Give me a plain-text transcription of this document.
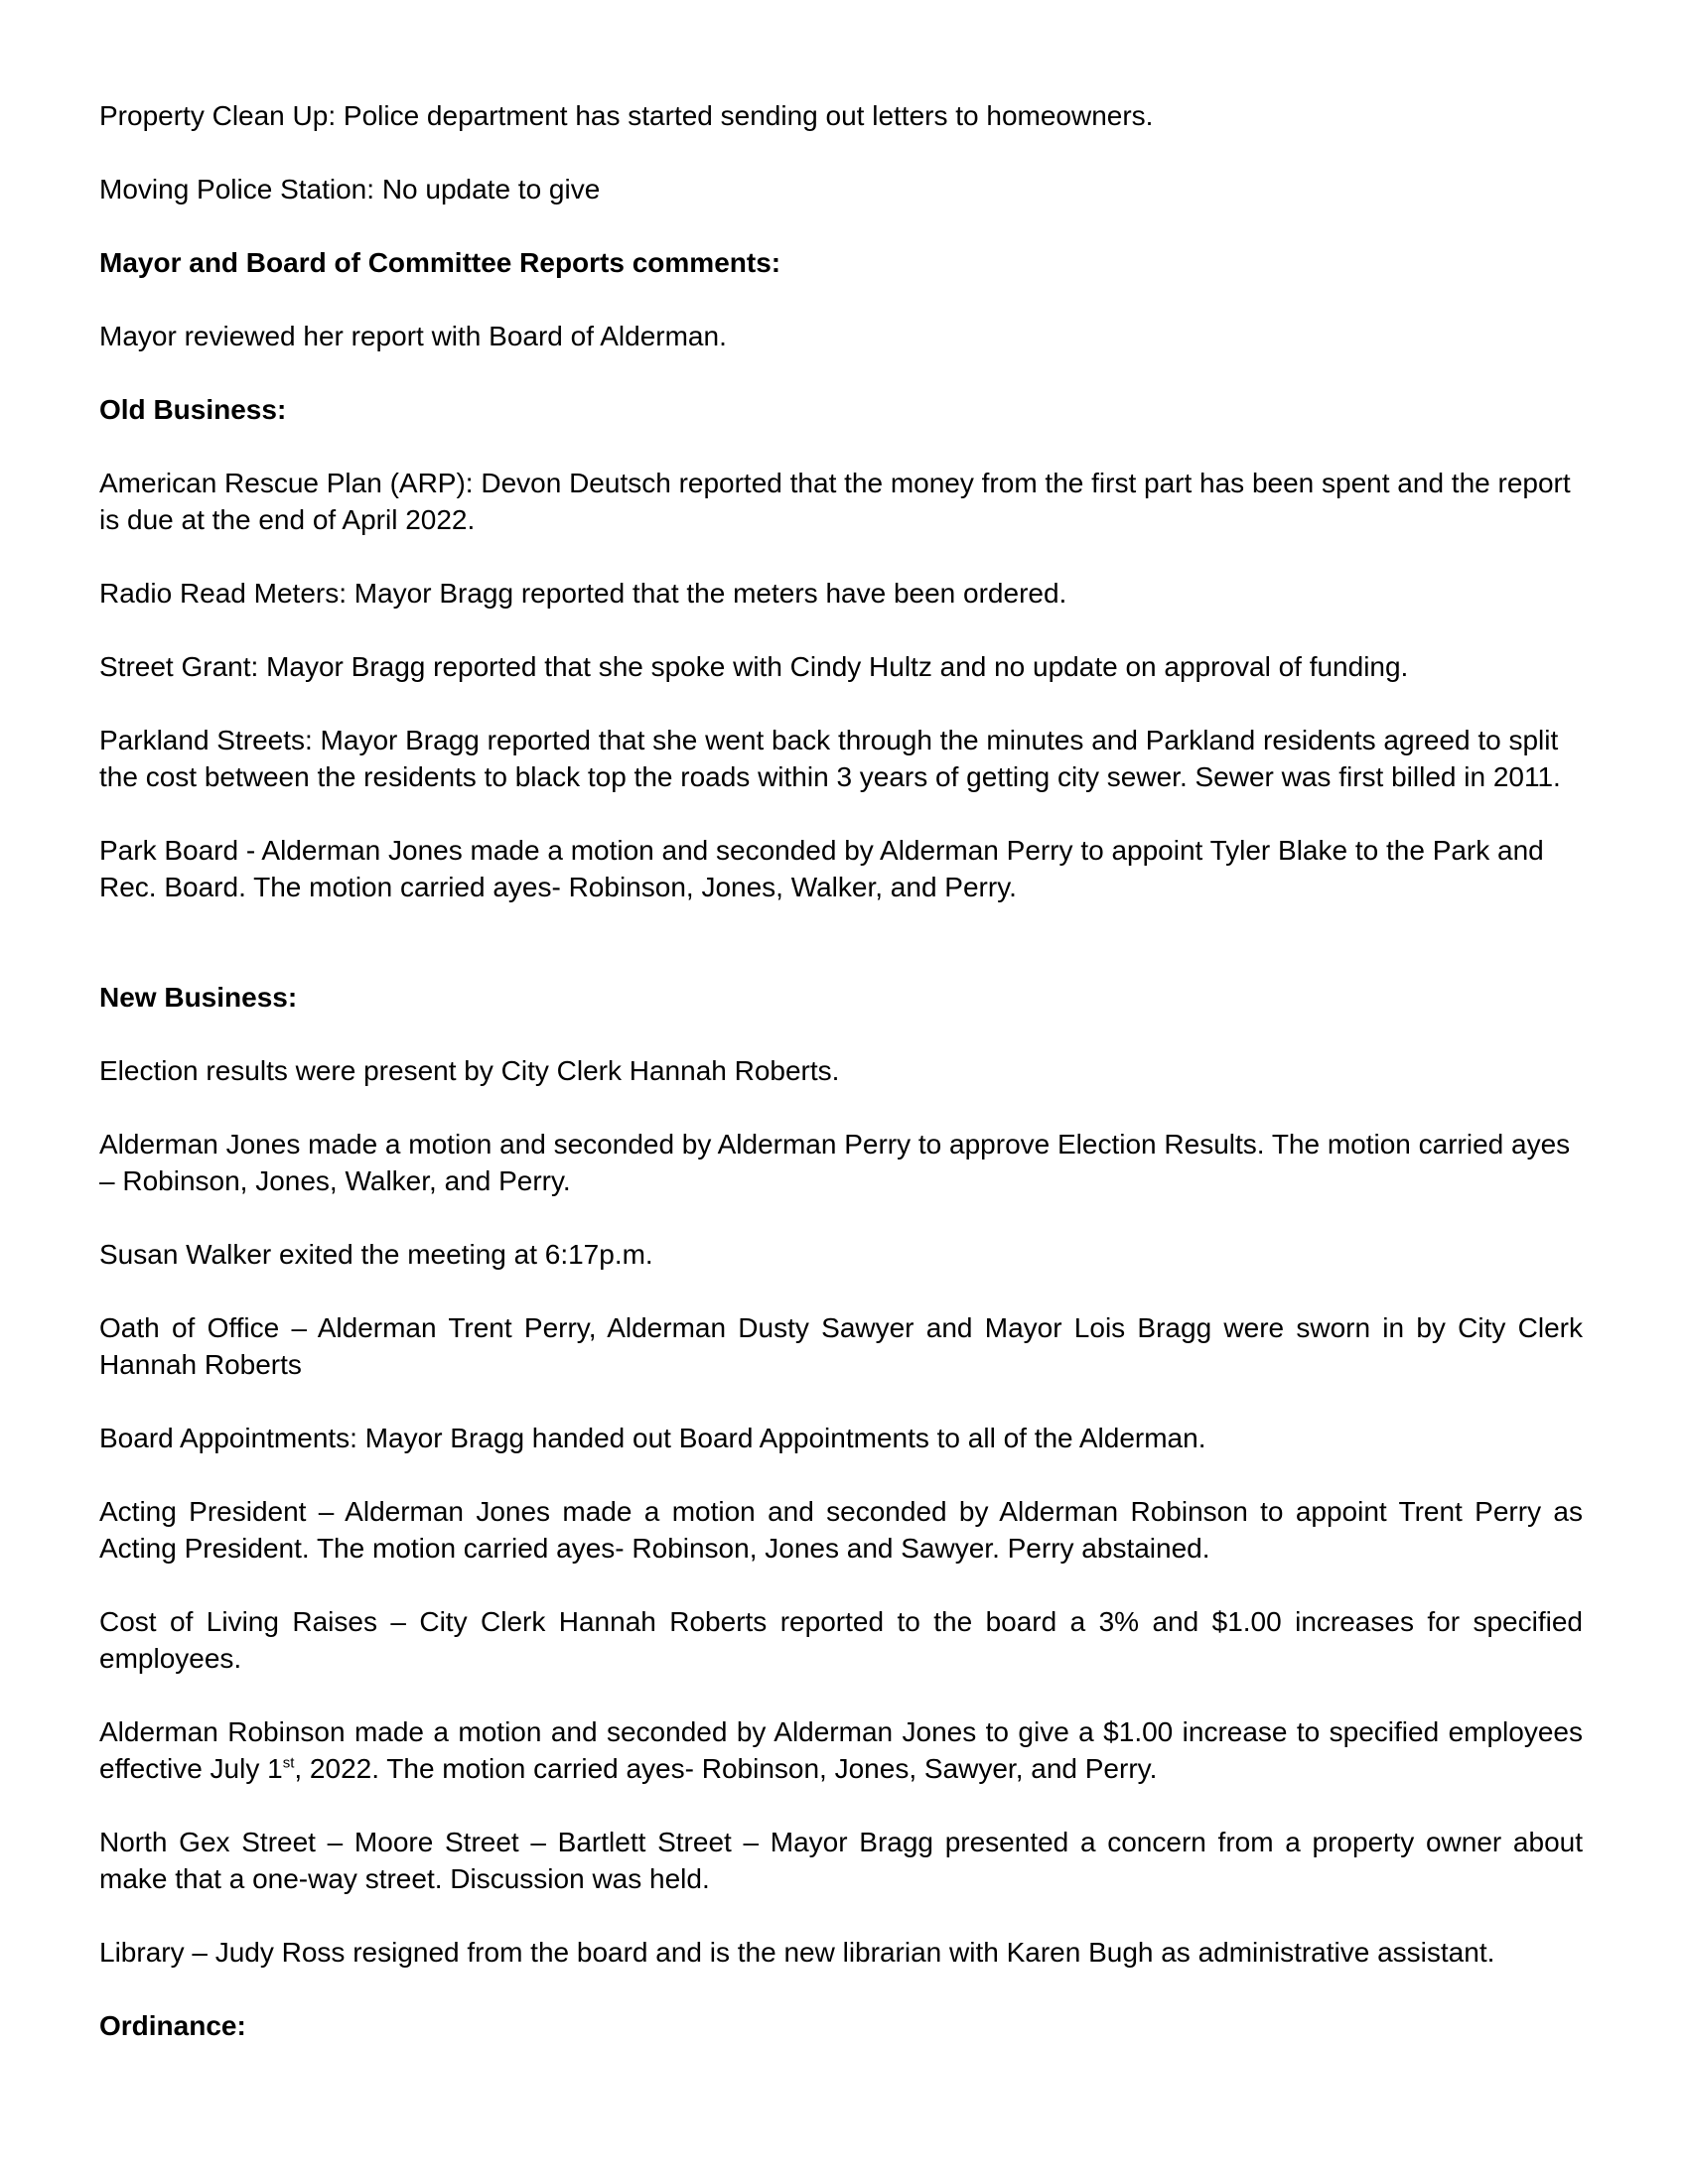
Property Clean Up: Police department has started sending out letters to homeowners.

Moving Police Station: No update to give

Mayor and Board of Committee Reports comments:

Mayor reviewed her report with Board of Alderman.

Old Business:

American Rescue Plan (ARP): Devon Deutsch reported that the money from the first part has been spent and the report is due at the end of April 2022.

Radio Read Meters: Mayor Bragg reported that the meters have been ordered.

Street Grant: Mayor Bragg reported that she spoke with Cindy Hultz and no update on approval of funding.

Parkland Streets: Mayor Bragg reported that she went back through the minutes and Parkland residents agreed to split the cost between the residents to black top the roads within 3 years of getting city sewer. Sewer was first billed in 2011.

Park Board - Alderman Jones made a motion and seconded by Alderman Perry to appoint Tyler Blake to the Park and Rec. Board. The motion carried ayes- Robinson, Jones, Walker, and Perry.

New Business:

Election results were present by City Clerk Hannah Roberts.

Alderman Jones made a motion and seconded by Alderman Perry to approve Election Results. The motion carried ayes – Robinson, Jones, Walker, and Perry.

Susan Walker exited the meeting at 6:17p.m.

Oath of Office – Alderman Trent Perry, Alderman Dusty Sawyer and Mayor Lois Bragg were sworn in by City Clerk Hannah Roberts

Board Appointments: Mayor Bragg handed out Board Appointments to all of the Alderman.

Acting President – Alderman Jones made a motion and seconded by Alderman Robinson to appoint Trent Perry as Acting President. The motion carried ayes- Robinson, Jones and Sawyer. Perry abstained.

Cost of Living Raises – City Clerk Hannah Roberts reported to the board a 3% and $1.00 increases for specified employees.

Alderman Robinson made a motion and seconded by Alderman Jones to give a $1.00 increase to specified employees effective July 1st, 2022. The motion carried ayes- Robinson, Jones, Sawyer, and Perry.

North Gex Street – Moore Street – Bartlett Street – Mayor Bragg presented a concern from a property owner about make that a one-way street. Discussion was held.

Library – Judy Ross resigned from the board and is the new librarian with Karen Bugh as administrative assistant.

Ordinance:
